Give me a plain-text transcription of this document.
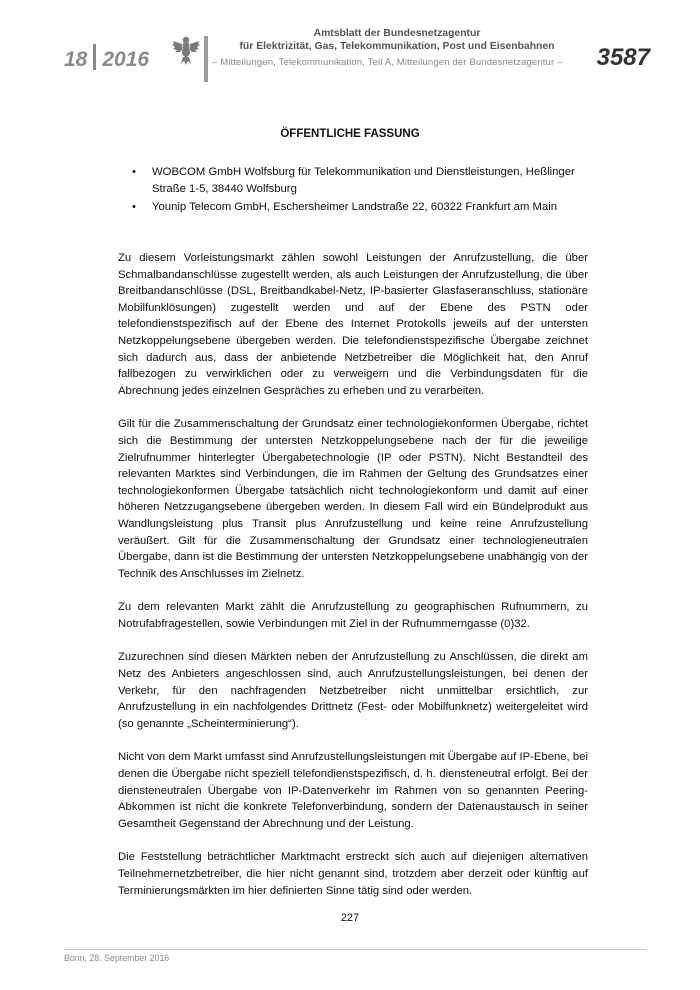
18 2016
Amtsblatt der Bundesnetzagentur
für Elektrizität, Gas, Telekommunikation, Post und Eisenbahnen
– Mitteilungen, Telekommunikation, Teil A, Mitteilungen der Bundesnetzagentur –	3587
ÖFFENTLICHE FASSUNG
• WOBCOM GmbH Wolfsburg für Telekommunikation und Dienstleistungen, Heßlinger Straße 1-5, 38440 Wolfsburg
• Younip Telecom GmbH, Eschersheimer Landstraße 22, 60322 Frankfurt am Main

Zu diesem Vorleistungsmarkt zählen sowohl Leistungen der Anrufzustellung, die über Schmalbandanschlüsse zugestellt werden, als auch Leistungen der Anrufzustellung, die über Breitbandanschlüsse (DSL, Breitbandkabel-Netz, IP-basierter Glasfaseranschluss, stationäre Mobilfunklösungen) zugestellt werden und auf der Ebene des PSTN oder telefondienstspezifisch auf der Ebene des Internet Protokolls jeweils auf der untersten Netzkoppelungsebene übergeben werden. Die telefondienstspezifische Übergabe zeichnet sich dadurch aus, dass der anbietende Netzbetreiber die Möglichkeit hat, den Anruf fallbezogen zu verwirklichen oder zu verweigern und die Verbindungsdaten für die Abrechnung jedes einzelnen Gespräches zu erheben und zu verarbeiten.

Gilt für die Zusammenschaltung der Grundsatz einer technologiekonformen Übergabe, richtet sich die Bestimmung der untersten Netzkoppelungsebene nach der für die jeweilige Zielrufnummer hinterlegter Übergabetechnologie (IP oder PSTN). Nicht Bestandteil des relevanten Marktes sind Verbindungen, die im Rahmen der Geltung des Grundsatzes einer technologiekonformen Übergabe tatsächlich nicht technologiekonform und damit auf einer höheren Netzzugangsebene übergeben werden. In diesem Fall wird ein Bündelprodukt aus Wandlungsleistung plus Transit plus Anrufzustellung und keine reine Anrufzustellung veräußert. Gilt für die Zusammenschaltung der Grundsatz einer technologieneutralen Übergabe, dann ist die Bestimmung der untersten Netzkoppelungsebene unabhängig von der Technik des Anschlusses im Zielnetz.

Zu dem relevanten Markt zählt die Anrufzustellung zu geographischen Rufnummern, zu Notrufabfragestellen, sowie Verbindungen mit Ziel in der Rufnummerngasse (0)32.

Zuzurechnen sind diesen Märkten neben der Anrufzustellung zu Anschlüssen, die direkt am Netz des Anbieters angeschlossen sind, auch Anrufzustellungsleistungen, bei denen der Verkehr, für den nachfragenden Netzbetreiber nicht unmittelbar ersichtlich, zur Anrufzustellung in ein nachfolgendes Drittnetz (Fest- oder Mobilfunknetz) weitergeleitet wird (so genannte „Scheinterminierung“).

Nicht von dem Markt umfasst sind Anrufzustellungsleistungen mit Übergabe auf IP-Ebene, bei denen die Übergabe nicht speziell telefondienstspezifisch, d. h. diensteneutral erfolgt. Bei der diensteneutralen Übergabe von IP-Datenverkehr im Rahmen von so genannten Peering-Abkommen ist nicht die konkrete Telefonverbindung, sondern der Datenaustausch in seiner Gesamtheit Gegenstand der Abrechnung und der Leistung.

Die Feststellung beträchtlicher Marktmacht erstreckt sich auch auf diejenigen alternativen Teilnehmernetzbetreiber, die hier nicht genannt sind, trotzdem aber derzeit oder künftig auf Terminierungsmärkten im hier definierten Sinne tätig sind oder werden.

227
Bonn, 28. September 2016
